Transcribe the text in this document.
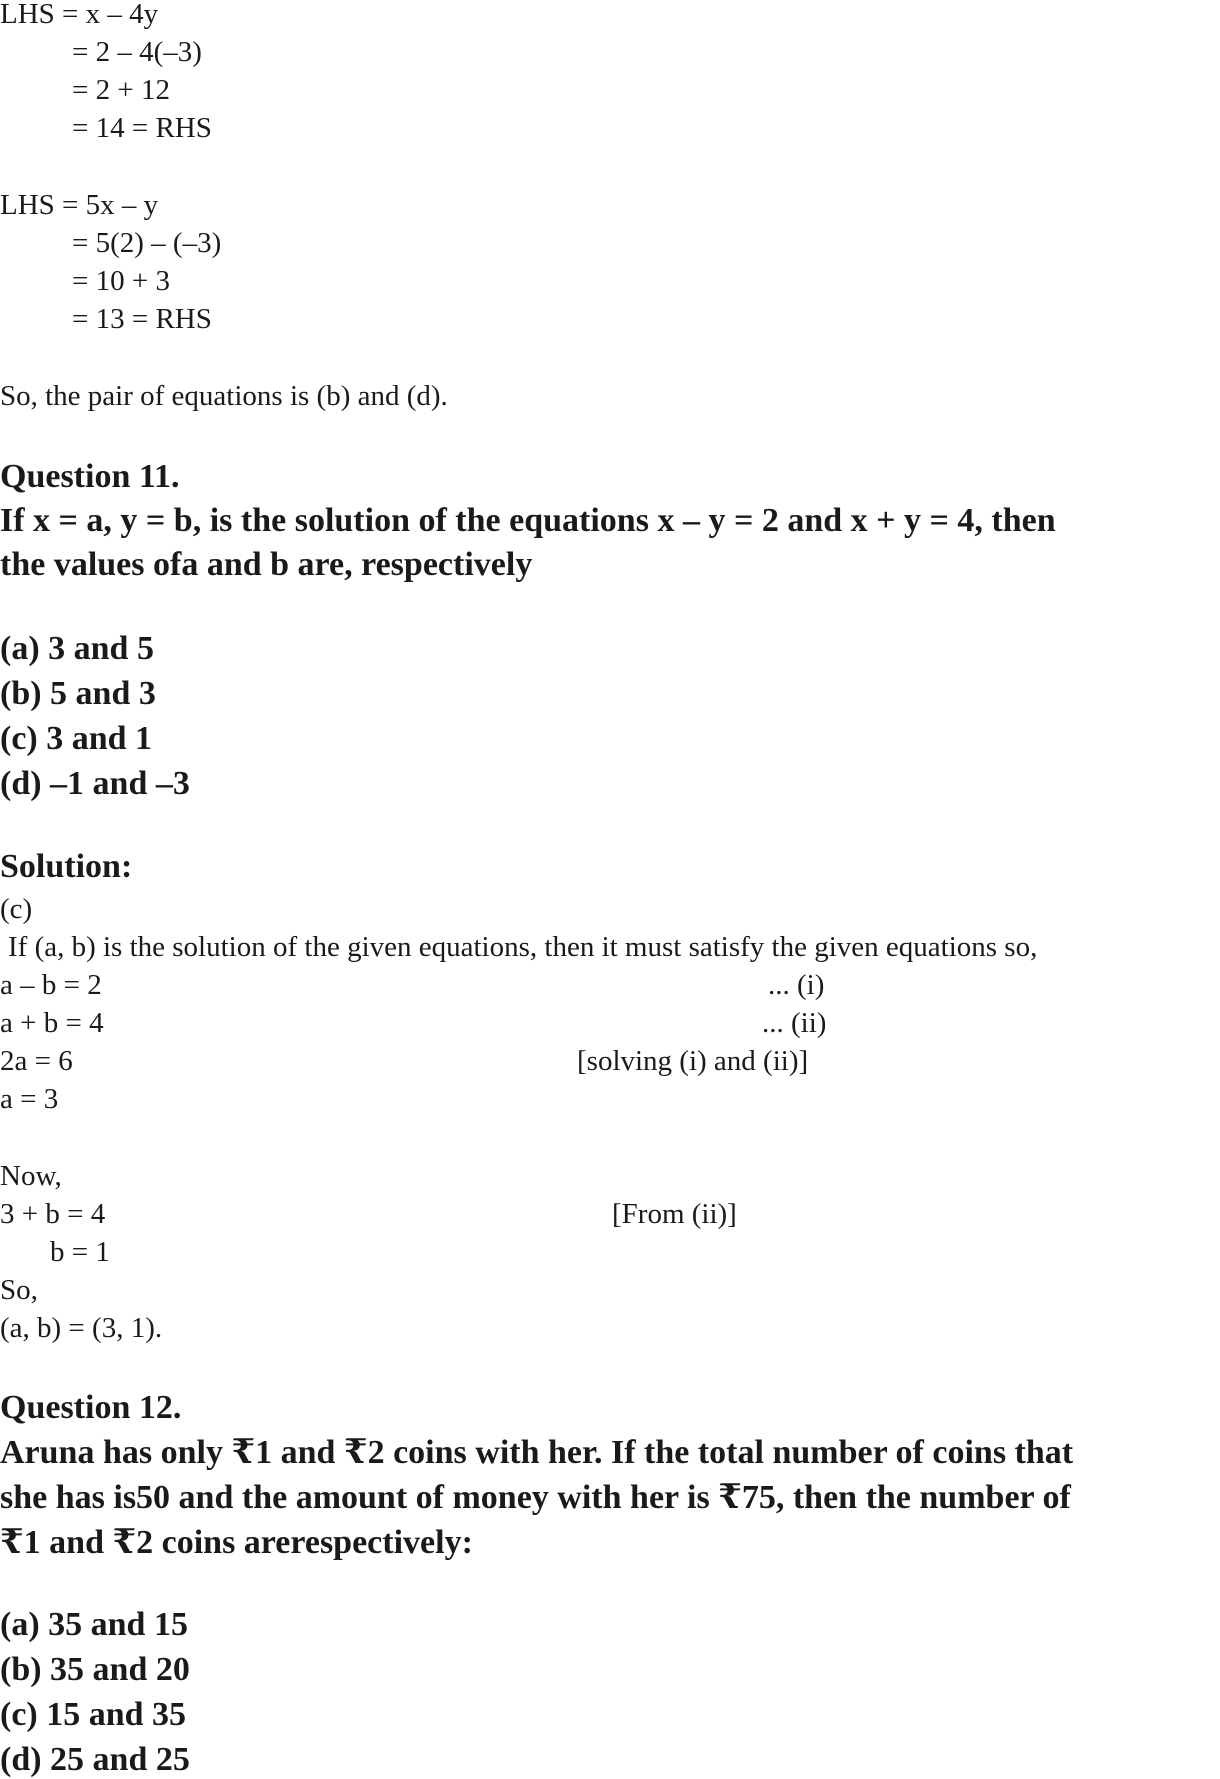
LHS = x – 4y
= 2 – 4(–3)
= 2 + 12
= 14 = RHS
LHS = 5x – y
= 5(2) – (–3)
= 10 + 3
= 13 = RHS
So, the pair of equations is (b) and (d).
Question 11.
If x = a, y = b, is the solution of the equations x – y = 2 and x + y = 4, then
the values ofa and b are, respectively
(a) 3 and 5
(b) 5 and 3
(c) 3 and 1
(d) –1 and –3
Solution:
(c)
If (a, b) is the solution of the given equations, then it must satisfy the given equations so,
a – b = 2	... (i)
a + b = 4	... (ii)
2a = 6	[solving (i) and (ii)]
a = 3
Now,
3 + b = 4	[From (ii)]
b = 1
So,
(a, b) = (3, 1).
Question 12.
Aruna has only ₹1 and ₹2 coins with her. If the total number of coins that
she has is50 and the amount of money with her is ₹75, then the number of
₹1 and ₹2 coins arerespectively:
(a) 35 and 15
(b) 35 and 20
(c) 15 and 35
(d) 25 and 25
